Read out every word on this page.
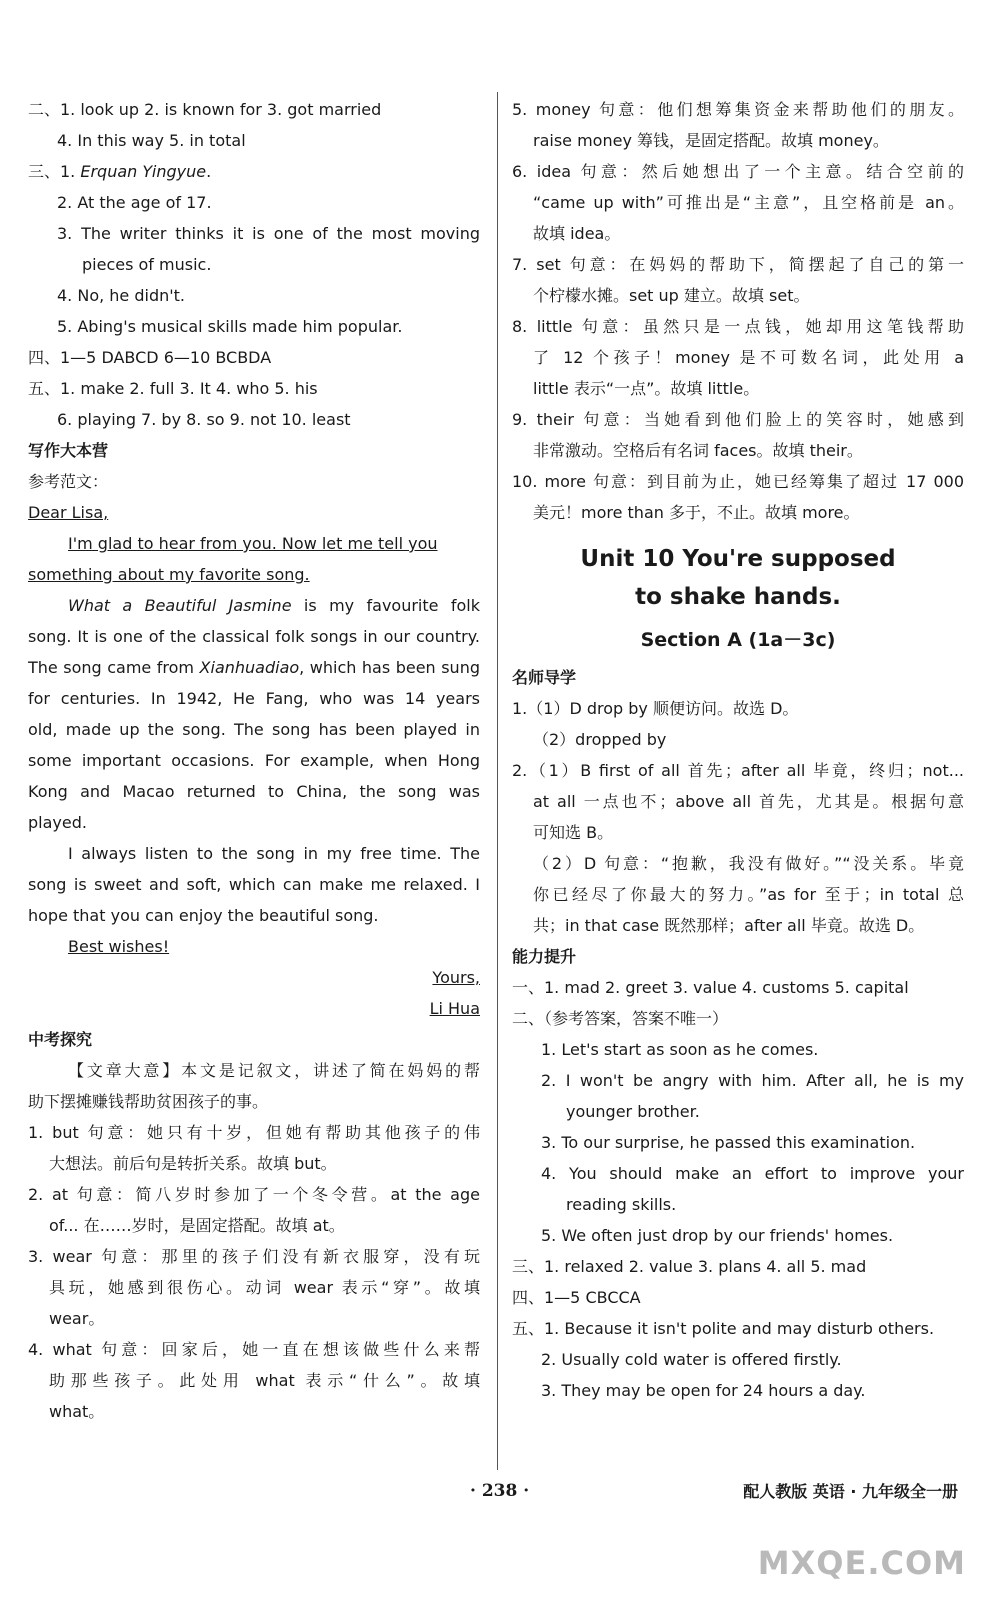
二、1. look up 2. is known for 3. got married
4. In this way 5. in total
三、1. Erquan Yingyue.
2. At the age of 17.
3. The writer thinks it is one of the most moving
pieces of music.
4. No, he didn't.
5. Abing's musical skills made him popular.
四、1—5 DABCD 6—10 BCBDA
五、1. make 2. full 3. It 4. who 5. his
6. playing 7. by 8. so 9. not 10. least
写作大本营
参考范文：
Dear Lisa,
I'm glad to hear from you. Now let me tell you
something about my favorite song.
What a Beautiful Jasmine is my favourite folk
song. It is one of the classical folk songs in our country.
The song came from Xianhuadiao, which has been sung
for centuries. In 1942, He Fang, who was 14 years
old, made up the song. The song has been played in
some important occasions. For example, when Hong
Kong and Macao returned to China, the song was
played.
I always listen to the song in my free time. The
song is sweet and soft, which can make me relaxed. I
hope that you can enjoy the beautiful song.
Best wishes!
Yours,
Li Hua
中考探究
【文章大意】本文是记叙文，讲述了简在妈妈的帮
助下摆摊赚钱帮助贫困孩子的事。
1. but 句意：她只有十岁，但她有帮助其他孩子的伟
大想法。前后句是转折关系。故填 but。
2. at 句意：简八岁时参加了一个冬令营。at the age
of... 在……岁时，是固定搭配。故填 at。
3. wear 句意：那里的孩子们没有新衣服穿，没有玩
具玩，她感到很伤心。动词 wear 表示“穿”。故填
wear。
4. what 句意：回家后，她一直在想该做些什么来帮
助那些孩子。此处用 what 表示“什么”。故填
what。
5. money 句意：他们想筹集资金来帮助他们的朋友。
raise money 筹钱，是固定搭配。故填 money。
6. idea 句意：然后她想出了一个主意。结合空前的
“came up with”可推出是“主意”，且空格前是 an。
故填 idea。
7. set 句意：在妈妈的帮助下，简摆起了自己的第一
个柠檬水摊。set up 建立。故填 set。
8. little 句意：虽然只是一点钱，她却用这笔钱帮助
了 12 个孩子！money 是不可数名词，此处用 a
little 表示“一点”。故填 little。
9. their 句意：当她看到他们脸上的笑容时，她感到
非常激动。空格后有名词 faces。故填 their。
10. more 句意：到目前为止，她已经筹集了超过 17 000
美元！more than 多于，不止。故填 more。
Unit 10 You're supposed
to shake hands.
Section A (1a－3c)
名师导学
1.（1）D drop by 顺便访问。故选 D。
（2）dropped by
2.（1）B first of all 首先；after all 毕竟，终归；not...
at all 一点也不；above all 首先，尤其是。根据句意
可知选 B。
（2）D 句意：“抱歉，我没有做好。”“没关系。毕竟
你已经尽了你最大的努力。”as for 至于；in total 总
共；in that case 既然那样；after all 毕竟。故选 D。
能力提升
一、1. mad 2. greet 3. value 4. customs 5. capital
二、（参考答案，答案不唯一）
1. Let's start as soon as he comes.
2. I won't be angry with him. After all, he is my
younger brother.
3. To our surprise, he passed this examination.
4. You should make an effort to improve your
reading skills.
5. We often just drop by our friends' homes.
三、1. relaxed 2. value 3. plans 4. all 5. mad
四、1—5 CBCCA
五、1. Because it isn't polite and may disturb others.
2. Usually cold water is offered firstly.
3. They may be open for 24 hours a day.
· 238 ·	配人教版 英语 · 九年级全一册
MXQE.COM
